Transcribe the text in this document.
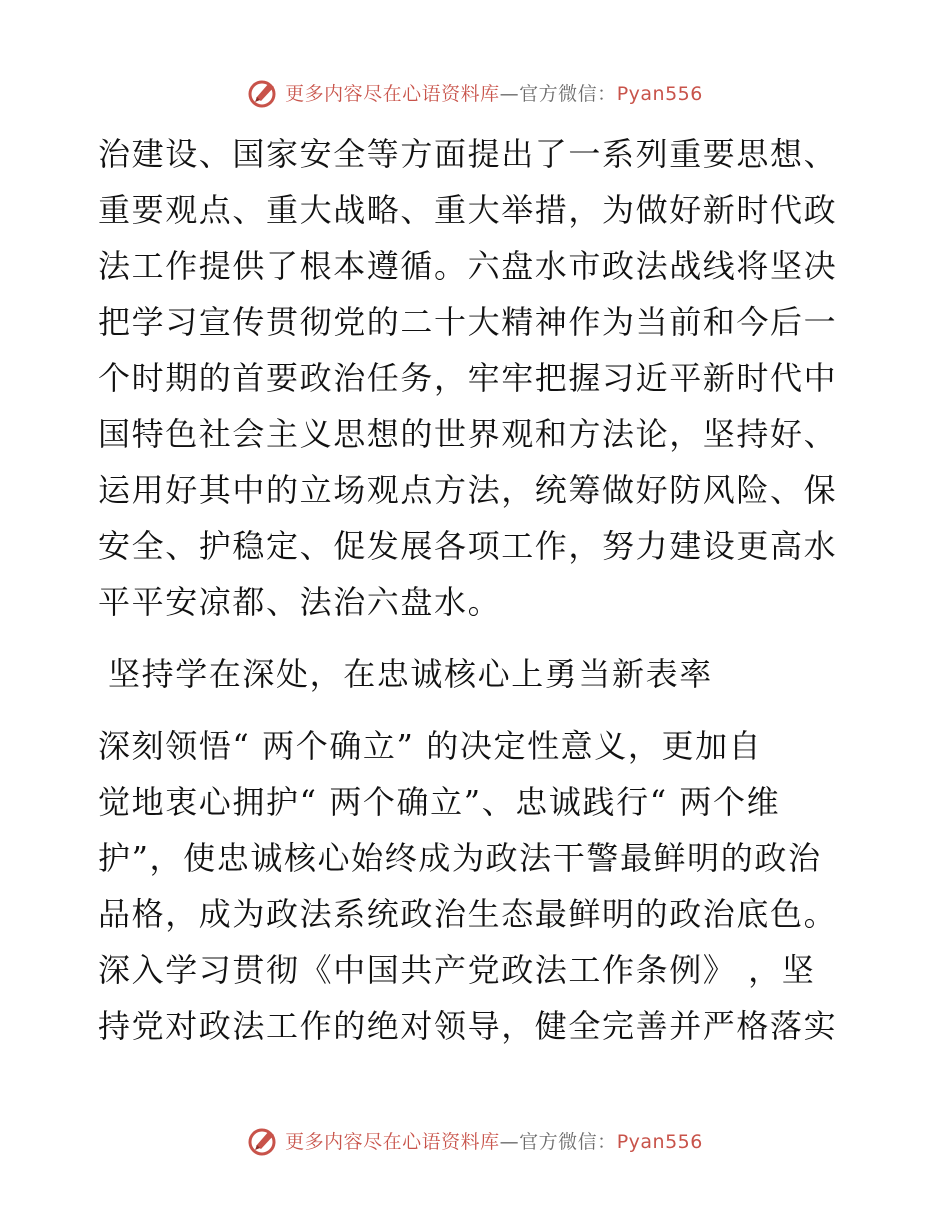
更多内容尽在心语资料库—官方微信：Pyan556
治建设、国家安全等方面提出了一系列重要思想、
重要观点、重大战略、重大举措，为做好新时代政
法工作提供了根本遵循。六盘水市政法战线将坚决
把学习宣传贯彻党的二十大精神作为当前和今后一
个时期的首要政治任务，牢牢把握习近平新时代中
国特色社会主义思想的世界观和方法论，坚持好、
运用好其中的立场观点方法，统筹做好防风险、保
安全、护稳定、促发展各项工作，努力建设更高水
平平安凉都、法治六盘水。
坚持学在深处，在忠诚核心上勇当新表率
深刻领悟“ 两个确立” 的决定性意义，更加自
觉地衷心拥护“ 两个确立”、忠诚践行“ 两个维
护”，使忠诚核心始终成为政法干警最鲜明的政治
品格，成为政法系统政治生态最鲜明的政治底色。
深入学习贯彻《中国共产党政法工作条例》 ，坚
持党对政法工作的绝对领导，健全完善并严格落实
更多内容尽在心语资料库—官方微信：Pyan556
